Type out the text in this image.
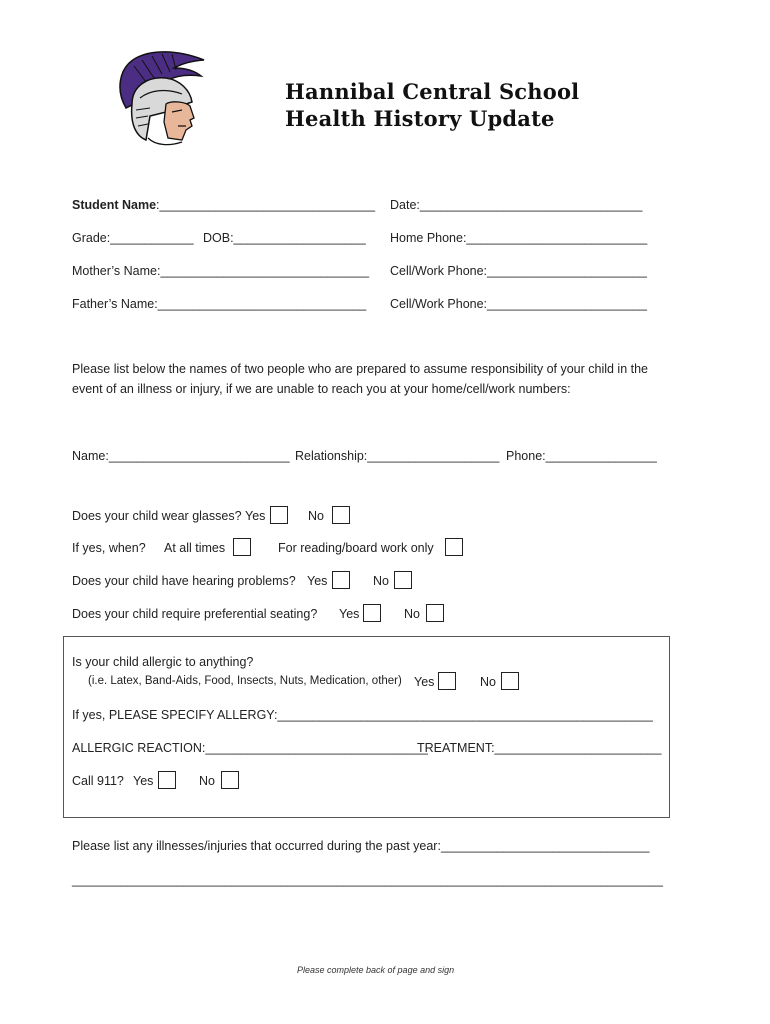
Hannibal Central School
Health History Update
Student Name:_______________________________ Date:________________________________
Grade:____________ DOB:___________________ Home Phone:__________________________
Mother’s Name:______________________________ Cell/Work Phone:_______________________
Father’s Name:______________________________ Cell/Work Phone:_______________________
Please list below the names of two people who are prepared to assume responsibility of your child in the
event of an illness or injury, if we are unable to reach you at your home/cell/work numbers:
Name:__________________________ Relationship:___________________ Phone:________________
Does your child wear glasses? Yes	No
If yes, when? At all times	For reading/board work only
Does your child have hearing problems? Yes	No
Does your child require preferential seating? Yes	No
Is your child allergic to anything?
(i.e. Latex, Band-Aids, Food, Insects, Nuts, Medication, other) Yes	No
If yes, PLEASE SPECIFY ALLERGY:______________________________________________________
ALLERGIC REACTION:________________________________
TREATMENT:________________________
Call 911? Yes	No
Please list any illnesses/injuries that occurred during the past year:______________________________
_____________________________________________________________________________________
Please complete back of page and sign
